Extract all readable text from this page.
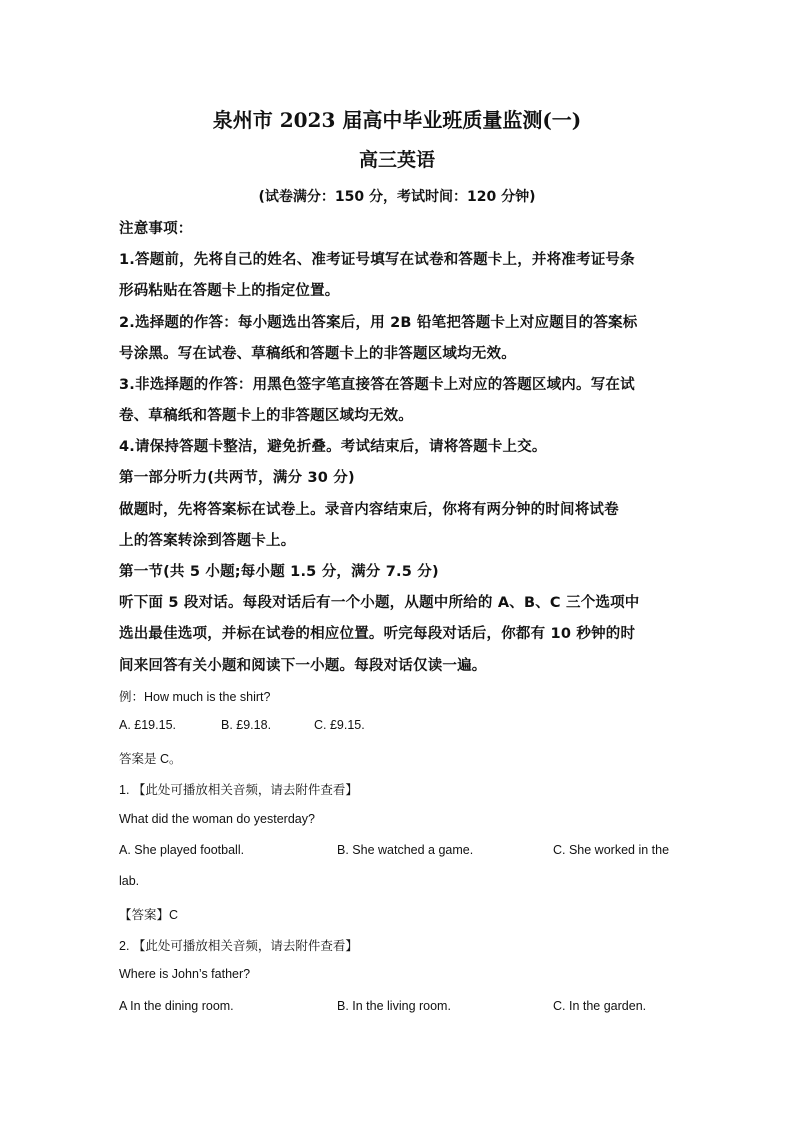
泉州市 2023 届高中毕业班质量监测(一)
高三英语
(试卷满分：150 分，考试时间：120 分钟)
注意事项：
1.答题前，先将自己的姓名、准考证号填写在试卷和答题卡上，并将准考证号条
形码粘贴在答题卡上的指定位置。
2.选择题的作答：每小题选出答案后，用 2B 铅笔把答题卡上对应题目的答案标
号涂黑。写在试卷、草稿纸和答题卡上的非答题区域均无效。
3.非选择题的作答：用黑色签字笔直接答在答题卡上对应的答题区域内。写在试
卷、草稿纸和答题卡上的非答题区域均无效。
4.请保持答题卡整洁，避免折叠。考试结束后，请将答题卡上交。
第一部分听力(共两节，满分 30 分)
做题时，先将答案标在试卷上。录音内容结束后，你将有两分钟的时间将试卷
上的答案转涂到答题卡上。
第一节(共 5 小题;每小题 1.5 分，满分 7.5 分)
听下面 5 段对话。每段对话后有一个小题，从题中所给的 A、B、C 三个选项中
选出最佳选项，并标在试卷的相应位置。听完每段对话后，你都有 10 秒钟的时
间来回答有关小题和阅读下一小题。每段对话仅读一遍。
例：How much is the shirt?
A. £19.15.	B. £9.18.	C. £9.15.
答案是 C。
1. 【此处可播放相关音频，请去附件查看】
What did the woman do yesterday?
A. She played football.	B. She watched a game.	C. She worked in the
lab.
【答案】C
2. 【此处可播放相关音频，请去附件查看】
Where is John’s father?
A In the dining room.	B. In the living room.	C. In the garden.
